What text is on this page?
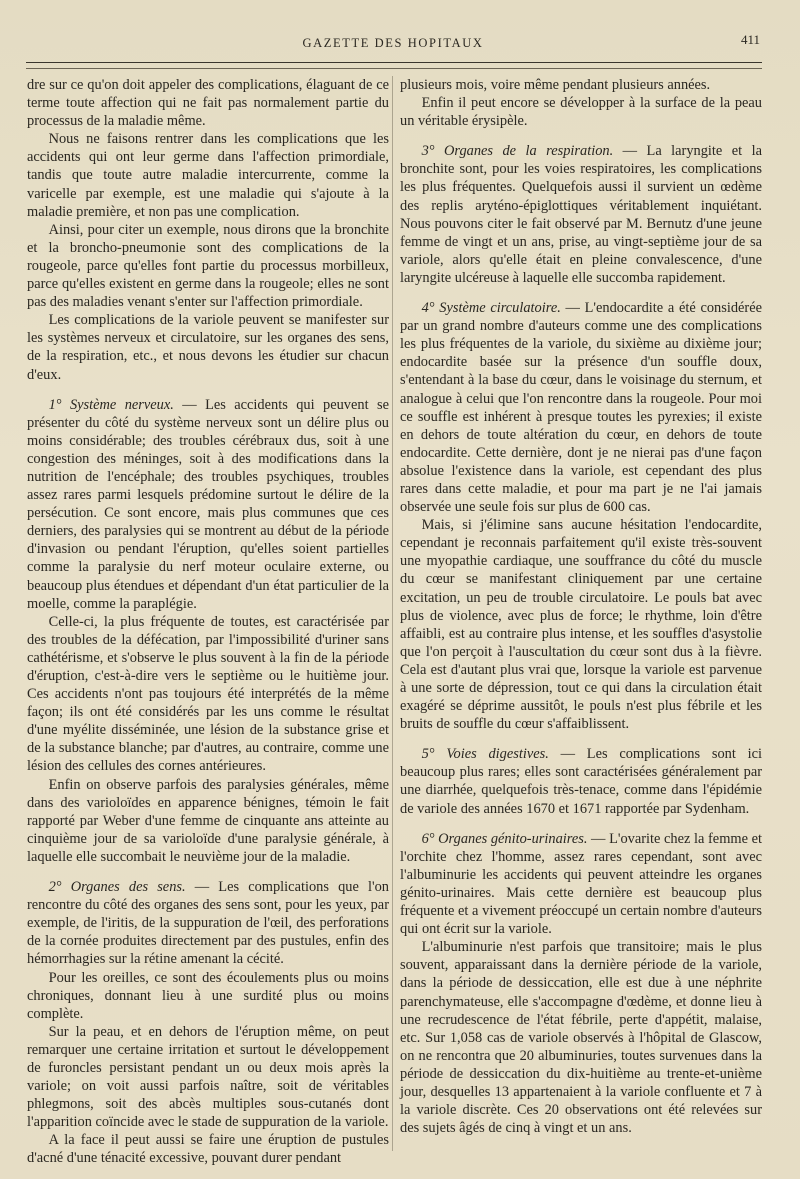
GAZETTE DES HOPITAUX	411

dre sur ce qu'on doit appeler des complications, élaguant de ce terme toute affection qui ne fait pas normalement partie du processus de la maladie même.

Nous ne faisons rentrer dans les complications que les accidents qui ont leur germe dans l'affection primordiale, tandis que toute autre maladie intercurrente, comme la varicelle par exemple, est une maladie qui s'ajoute à la maladie première, et non pas une complication.

Ainsi, pour citer un exemple, nous dirons que la bronchite et la broncho-pneumonie sont des complications de la rougeole, parce qu'elles font partie du processus morbilleux, parce qu'elles existent en germe dans la rougeole; elles ne sont pas des maladies venant s'enter sur l'affection primordiale.

Les complications de la variole peuvent se manifester sur les systèmes nerveux et circulatoire, sur les organes des sens, de la respiration, etc., et nous devons les étudier sur chacun d'eux.

1° Système nerveux. — Les accidents qui peuvent se présenter du côté du système nerveux sont un délire plus ou moins considérable; des troubles cérébraux dus, soit à une congestion des méninges, soit à des modifications dans la nutrition de l'encéphale; des troubles psychiques, troubles assez rares parmi lesquels prédomine surtout le délire de la persécution. Ce sont encore, mais plus communes que ces derniers, des paralysies qui se montrent au début de la période d'invasion ou pendant l'éruption, qu'elles soient partielles comme la paralysie du nerf moteur oculaire externe, ou beaucoup plus étendues et dépendant d'un état particulier de la moelle, comme la paraplégie.

Celle-ci, la plus fréquente de toutes, est caractérisée par des troubles de la défécation, par l'impossibilité d'uriner sans cathétérisme, et s'observe le plus souvent à la fin de la période d'éruption, c'est-à-dire vers le septième ou le huitième jour. Ces accidents n'ont pas toujours été interprétés de la même façon; ils ont été considérés par les uns comme le résultat d'une myélite disséminée, une lésion de la substance grise et de la substance blanche; par d'autres, au contraire, comme une lésion des cellules des cornes antérieures.

Enfin on observe parfois des paralysies générales, même dans des varioloïdes en apparence bénignes, témoin le fait rapporté par Weber d'une femme de cinquante ans atteinte au cinquième jour de sa varioloïde d'une paralysie générale, à laquelle elle succombait le neuvième jour de la maladie.

2° Organes des sens. — Les complications que l'on rencontre du côté des organes des sens sont, pour les yeux, par exemple, de l'iritis, de la suppuration de l'œil, des perforations de la cornée produites directement par des pustules, enfin des hémorrhagies sur la rétine amenant la cécité.

Pour les oreilles, ce sont des écoulements plus ou moins chroniques, donnant lieu à une surdité plus ou moins complète.

Sur la peau, et en dehors de l'éruption même, on peut remarquer une certaine irritation et surtout le développement de furoncles persistant pendant un ou deux mois après la variole; on voit aussi parfois naître, soit de véritables phlegmons, soit des abcès multiples sous-cutanés dont l'apparition coïncide avec le stade de suppuration de la variole.

A la face il peut aussi se faire une éruption de pustules d'acné d'une ténacité excessive, pouvant durer pendant

plusieurs mois, voire même pendant plusieurs années.

Enfin il peut encore se développer à la surface de la peau un véritable érysipèle.

3° Organes de la respiration. — La laryngite et la bronchite sont, pour les voies respiratoires, les complications les plus fréquentes. Quelquefois aussi il survient un œdème des replis aryténo-épiglottiques véritablement inquiétant. Nous pouvons citer le fait observé par M. Bernutz d'une jeune femme de vingt et un ans, prise, au vingt-septième jour de sa variole, alors qu'elle était en pleine convalescence, d'une laryngite ulcéreuse à laquelle elle succomba rapidement.

4° Système circulatoire. — L'endocardite a été considérée par un grand nombre d'auteurs comme une des complications les plus fréquentes de la variole, du sixième au dixième jour; endocardite basée sur la présence d'un souffle doux, s'entendant à la base du cœur, dans le voisinage du sternum, et analogue à celui que l'on rencontre dans la rougeole. Pour moi ce souffle est inhérent à presque toutes les pyrexies; il existe en dehors de toute altération du cœur, en dehors de toute endocardite. Cette dernière, dont je ne nierai pas d'une façon absolue l'existence dans la variole, est cependant des plus rares dans cette maladie, et pour ma part je ne l'ai jamais observée une seule fois sur plus de 600 cas.

Mais, si j'élimine sans aucune hésitation l'endocardite, cependant je reconnais parfaitement qu'il existe très-souvent une myopathie cardiaque, une souffrance du côté du muscle du cœur se manifestant cliniquement par une certaine excitation, un peu de trouble circulatoire. Le pouls bat avec plus de violence, avec plus de force; le rhythme, loin d'être affaibli, est au contraire plus intense, et les souffles d'asystolie que l'on perçoit à l'auscultation du cœur sont dus à la fièvre. Cela est d'autant plus vrai que, lorsque la variole est parvenue à une sorte de dépression, tout ce qui dans la circulation était exagéré se déprime aussitôt, le pouls n'est plus fébrile et les bruits de souffle du cœur s'affaiblissent.

5° Voies digestives. — Les complications sont ici beaucoup plus rares; elles sont caractérisées généralement par une diarrhée, quelquefois très-tenace, comme dans l'épidémie de variole des années 1670 et 1671 rapportée par Sydenham.

6° Organes génito-urinaires. — L'ovarite chez la femme et l'orchite chez l'homme, assez rares cependant, sont avec l'albuminurie les accidents qui peuvent atteindre les organes génito-urinaires. Mais cette dernière est beaucoup plus fréquente et a vivement préoccupé un certain nombre d'auteurs qui ont écrit sur la variole.

L'albuminurie n'est parfois que transitoire; mais le plus souvent, apparaissant dans la dernière période de la variole, dans la période de dessiccation, elle est due à une néphrite parenchymateuse, elle s'accompagne d'œdème, et donne lieu à une recrudescence de l'état fébrile, perte d'appétit, malaise, etc. Sur 1,058 cas de variole observés à l'hôpital de Glascow, on ne rencontra que 20 albuminuries, toutes survenues dans la période de dessiccation du dix-huitième au trente-et-unième jour, desquelles 13 appartenaient à la variole confluente et 7 à la variole discrète. Ces 20 observations ont été relevées sur des sujets âgés de cinq à vingt et un ans.
